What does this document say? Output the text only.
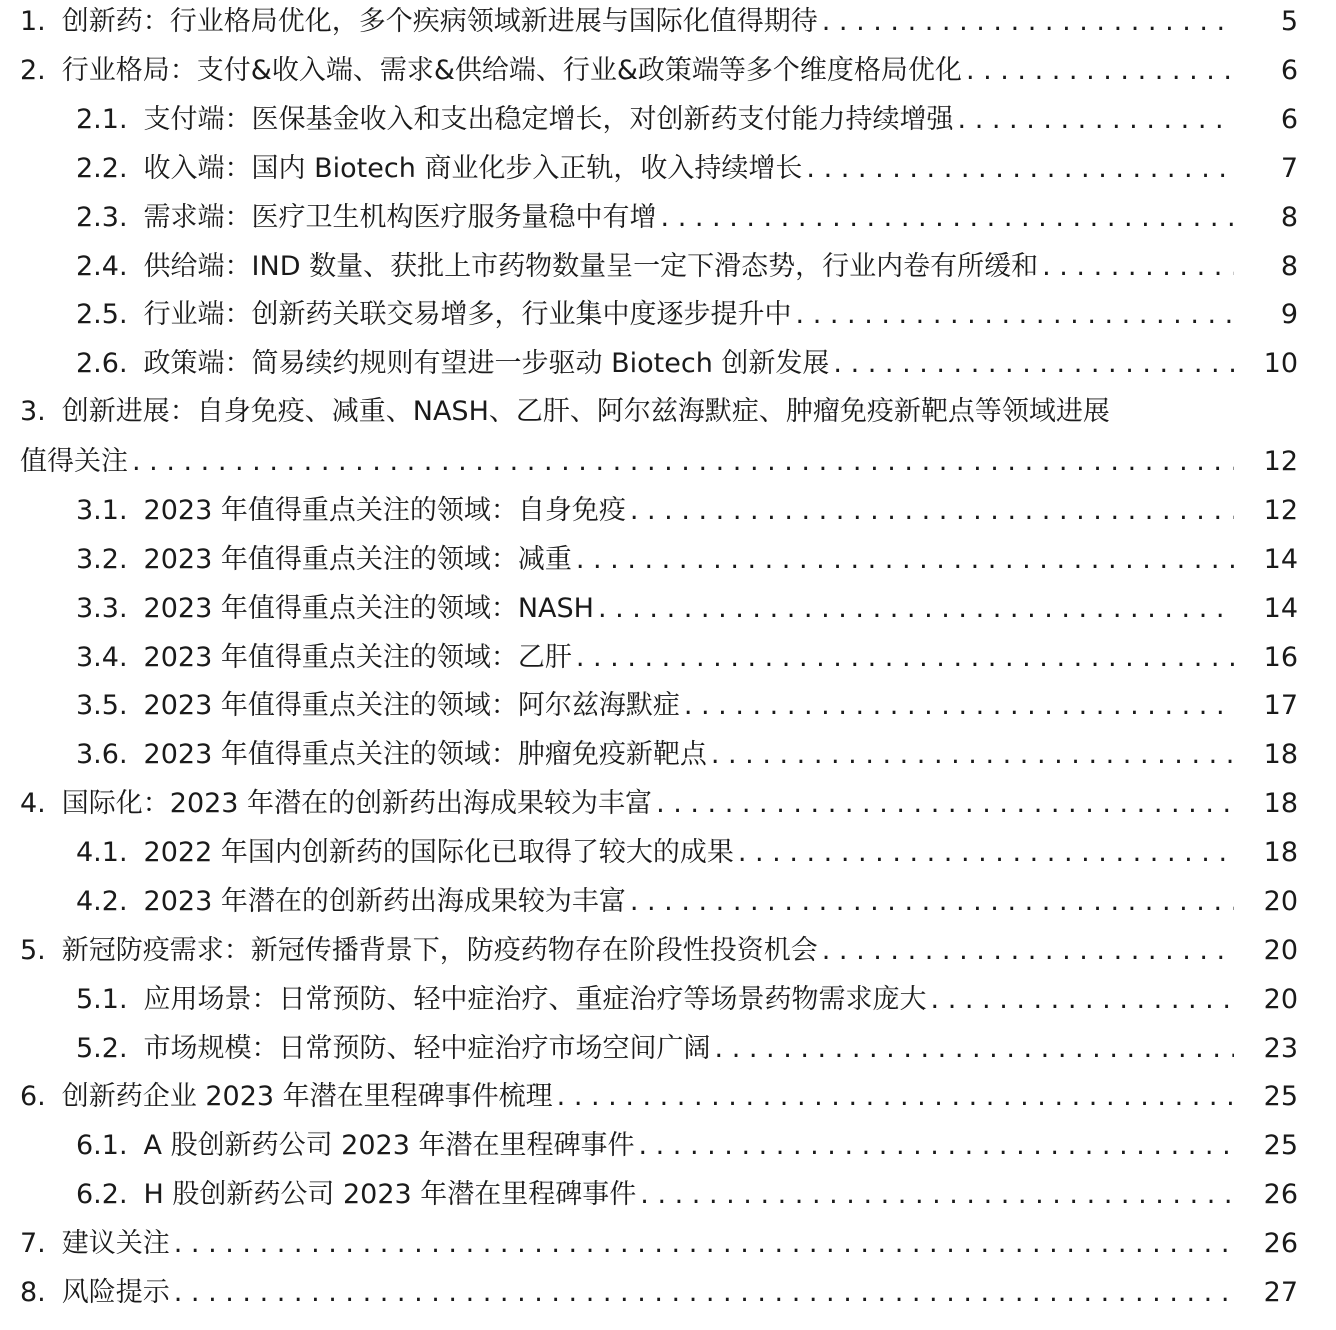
1. 创新药：行业格局优化，多个疾病领域新进展与国际化值得期待 . . .	5
2. 行业格局：支付&收入端、需求&供给端、行业&政策端等多个维度格局优化 . . .	6
2.1. 支付端：医保基金收入和支出稳定增长，对创新药支付能力持续增强 . . .	6
2.2. 收入端：国内 Biotech 商业化步入正轨，收入持续增长 . . .	7
2.3. 需求端：医疗卫生机构医疗服务量稳中有增 . . .	8
2.4. 供给端：IND 数量、获批上市药物数量呈一定下滑态势，行业内卷有所缓和 . . .	8
2.5. 行业端：创新药关联交易增多，行业集中度逐步提升中 . . .	9
2.6. 政策端：简易续约规则有望进一步驱动 Biotech 创新发展 . . .	10
3. 创新进展：自身免疫、减重、NASH、乙肝、阿尔兹海默症、肿瘤免疫新靶点等领域进展
值得关注 . . .	12
3.1. 2023 年值得重点关注的领域：自身免疫 . . .	12
3.2. 2023 年值得重点关注的领域：减重 . . .	14
3.3. 2023 年值得重点关注的领域：NASH . . .	14
3.4. 2023 年值得重点关注的领域：乙肝 . . .	16
3.5. 2023 年值得重点关注的领域：阿尔兹海默症 . . .	17
3.6. 2023 年值得重点关注的领域：肿瘤免疫新靶点 . . .	18
4. 国际化：2023 年潜在的创新药出海成果较为丰富 . . .	18
4.1. 2022 年国内创新药的国际化已取得了较大的成果 . . .	18
4.2. 2023 年潜在的创新药出海成果较为丰富 . . .	20
5. 新冠防疫需求：新冠传播背景下，防疫药物存在阶段性投资机会 . . .	20
5.1. 应用场景：日常预防、轻中症治疗、重症治疗等场景药物需求庞大 . . .	20
5.2. 市场规模：日常预防、轻中症治疗市场空间广阔 . . .	23
6. 创新药企业 2023 年潜在里程碑事件梳理 . . .	25
6.1. A 股创新药公司 2023 年潜在里程碑事件 . . .	25
6.2. H 股创新药公司 2023 年潜在里程碑事件 . . .	26
7. 建议关注 . . .	26
8. 风险提示 . . .	27
